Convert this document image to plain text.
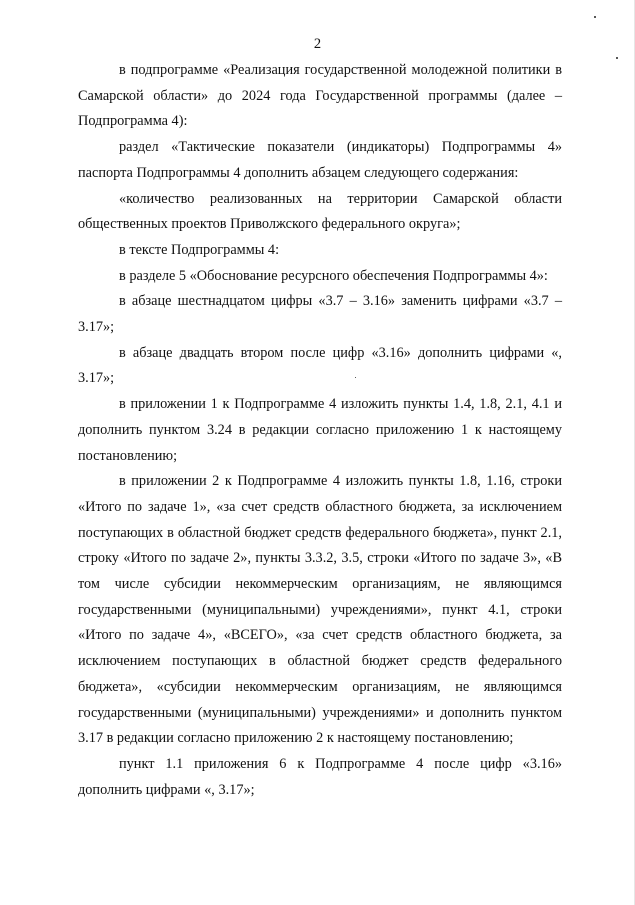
2

в подпрограмме «Реализация государственной молодежной политики в Самарской области» до 2024 года Государственной программы (далее – Подпрограмма 4):

раздел «Тактические показатели (индикаторы) Подпрограммы 4» паспорта Подпрограммы 4 дополнить абзацем следующего содержания:

«количество реализованных на территории Самарской области общественных проектов Приволжского федерального округа»;

в тексте Подпрограммы 4:

в разделе 5 «Обоснование ресурсного обеспечения Подпрограммы 4»:

в абзаце шестнадцатом цифры «3.7 – 3.16» заменить цифрами «3.7 – 3.17»;

в абзаце двадцать втором после цифр «3.16» дополнить цифрами «, 3.17»;

в приложении 1 к Подпрограмме 4 изложить пункты 1.4, 1.8, 2.1, 4.1 и дополнить пунктом 3.24 в редакции согласно приложению 1 к настоящему постановлению;

в приложении 2 к Подпрограмме 4 изложить пункты 1.8, 1.16, строки «Итого по задаче 1», «за счет средств областного бюджета, за исключением поступающих в областной бюджет средств федерального бюджета», пункт 2.1, строку «Итого по задаче 2», пункты 3.3.2, 3.5, строки «Итого по задаче 3», «В том числе субсидии некоммерческим организациям, не являющимся государственными (муниципальными) учреждениями», пункт 4.1, строки «Итого по задаче 4», «ВСЕГО», «за счет средств областного бюджета, за исключением поступающих в областной бюджет средств федерального бюджета», «субсидии некоммерческим организациям, не являющимся государственными (муниципальными) учреждениями» и дополнить пунктом 3.17 в редакции согласно приложению 2 к настоящему постановлению;

пункт 1.1 приложения 6 к Подпрограмме 4 после цифр «3.16» дополнить цифрами «, 3.17»;
